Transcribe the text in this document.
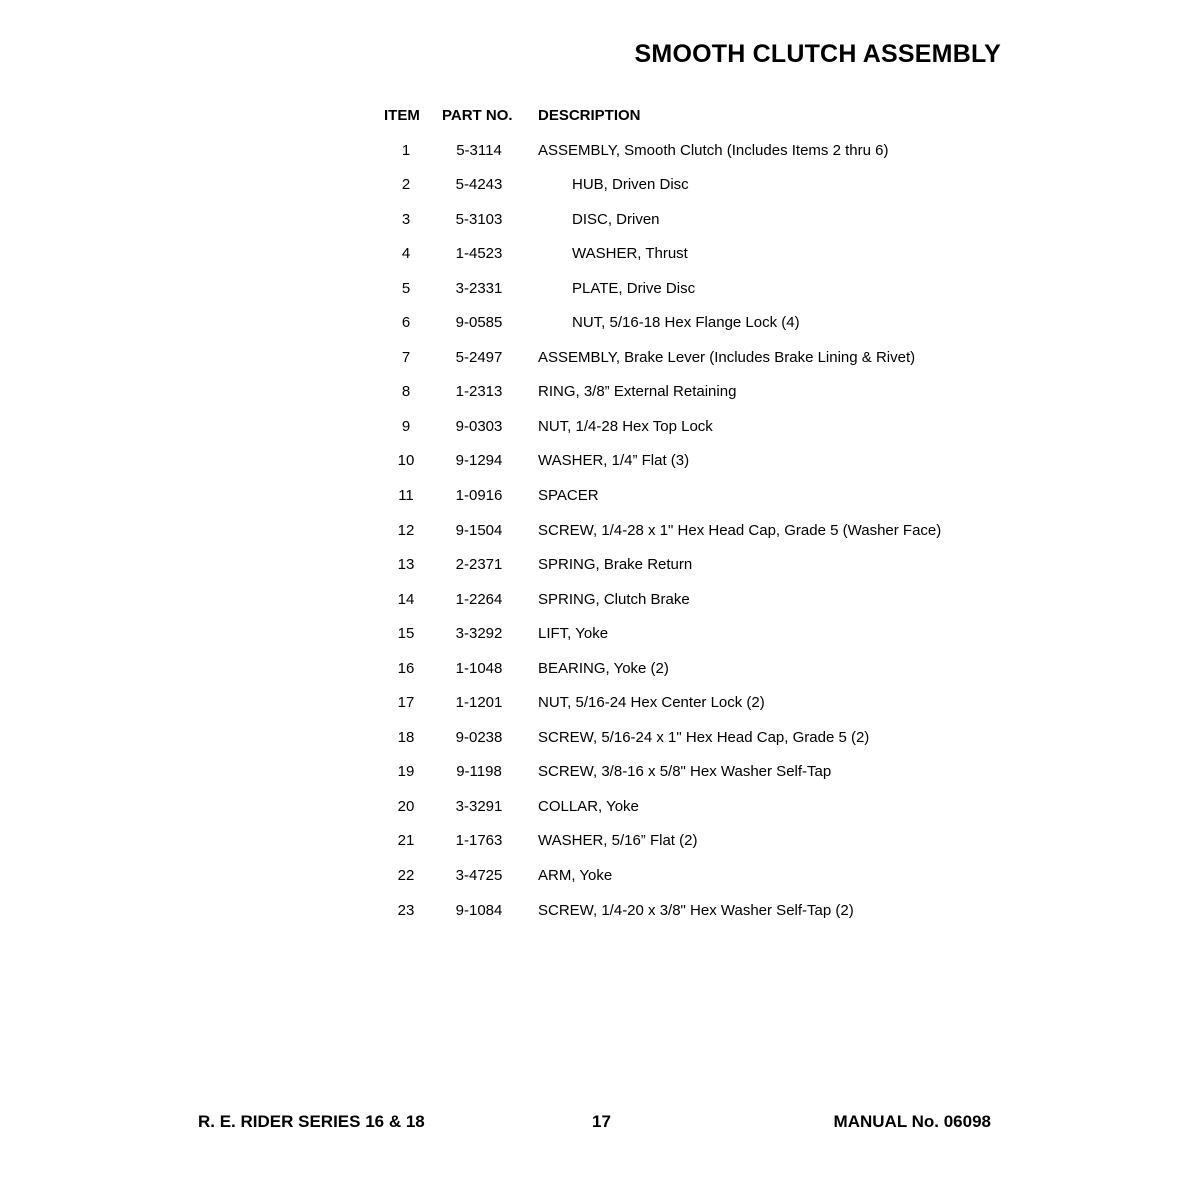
SMOOTH CLUTCH ASSEMBLY
ITEM	PART NO.	DESCRIPTION
1	5-3114	ASSEMBLY, Smooth Clutch (Includes Items 2 thru 6)
2	5-4243	HUB, Driven Disc
3	5-3103	DISC, Driven
4	1-4523	WASHER, Thrust
5	3-2331	PLATE, Drive Disc
6	9-0585	NUT, 5/16-18 Hex Flange Lock (4)
7	5-2497	ASSEMBLY, Brake Lever (Includes Brake Lining & Rivet)
8	1-2313	RING, 3/8” External Retaining
9	9-0303	NUT, 1/4-28 Hex Top Lock
10	9-1294	WASHER, 1/4” Flat (3)
11	1-0916	SPACER
12	9-1504	SCREW, 1/4-28 x 1" Hex Head Cap, Grade 5 (Washer Face)
13	2-2371	SPRING, Brake Return
14	1-2264	SPRING, Clutch Brake
15	3-3292	LIFT, Yoke
16	1-1048	BEARING, Yoke (2)
17	1-1201	NUT, 5/16-24 Hex Center Lock (2)
18	9-0238	SCREW, 5/16-24 x 1" Hex Head Cap, Grade 5 (2)
19	9-1198	SCREW, 3/8-16 x 5/8" Hex Washer Self-Tap
20	3-3291	COLLAR, Yoke
21	1-1763	WASHER, 5/16” Flat (2)
22	3-4725	ARM, Yoke
23	9-1084	SCREW, 1/4-20 x 3/8" Hex Washer Self-Tap (2)
R. E. RIDER SERIES 16 & 18	17	MANUAL No. 06098
